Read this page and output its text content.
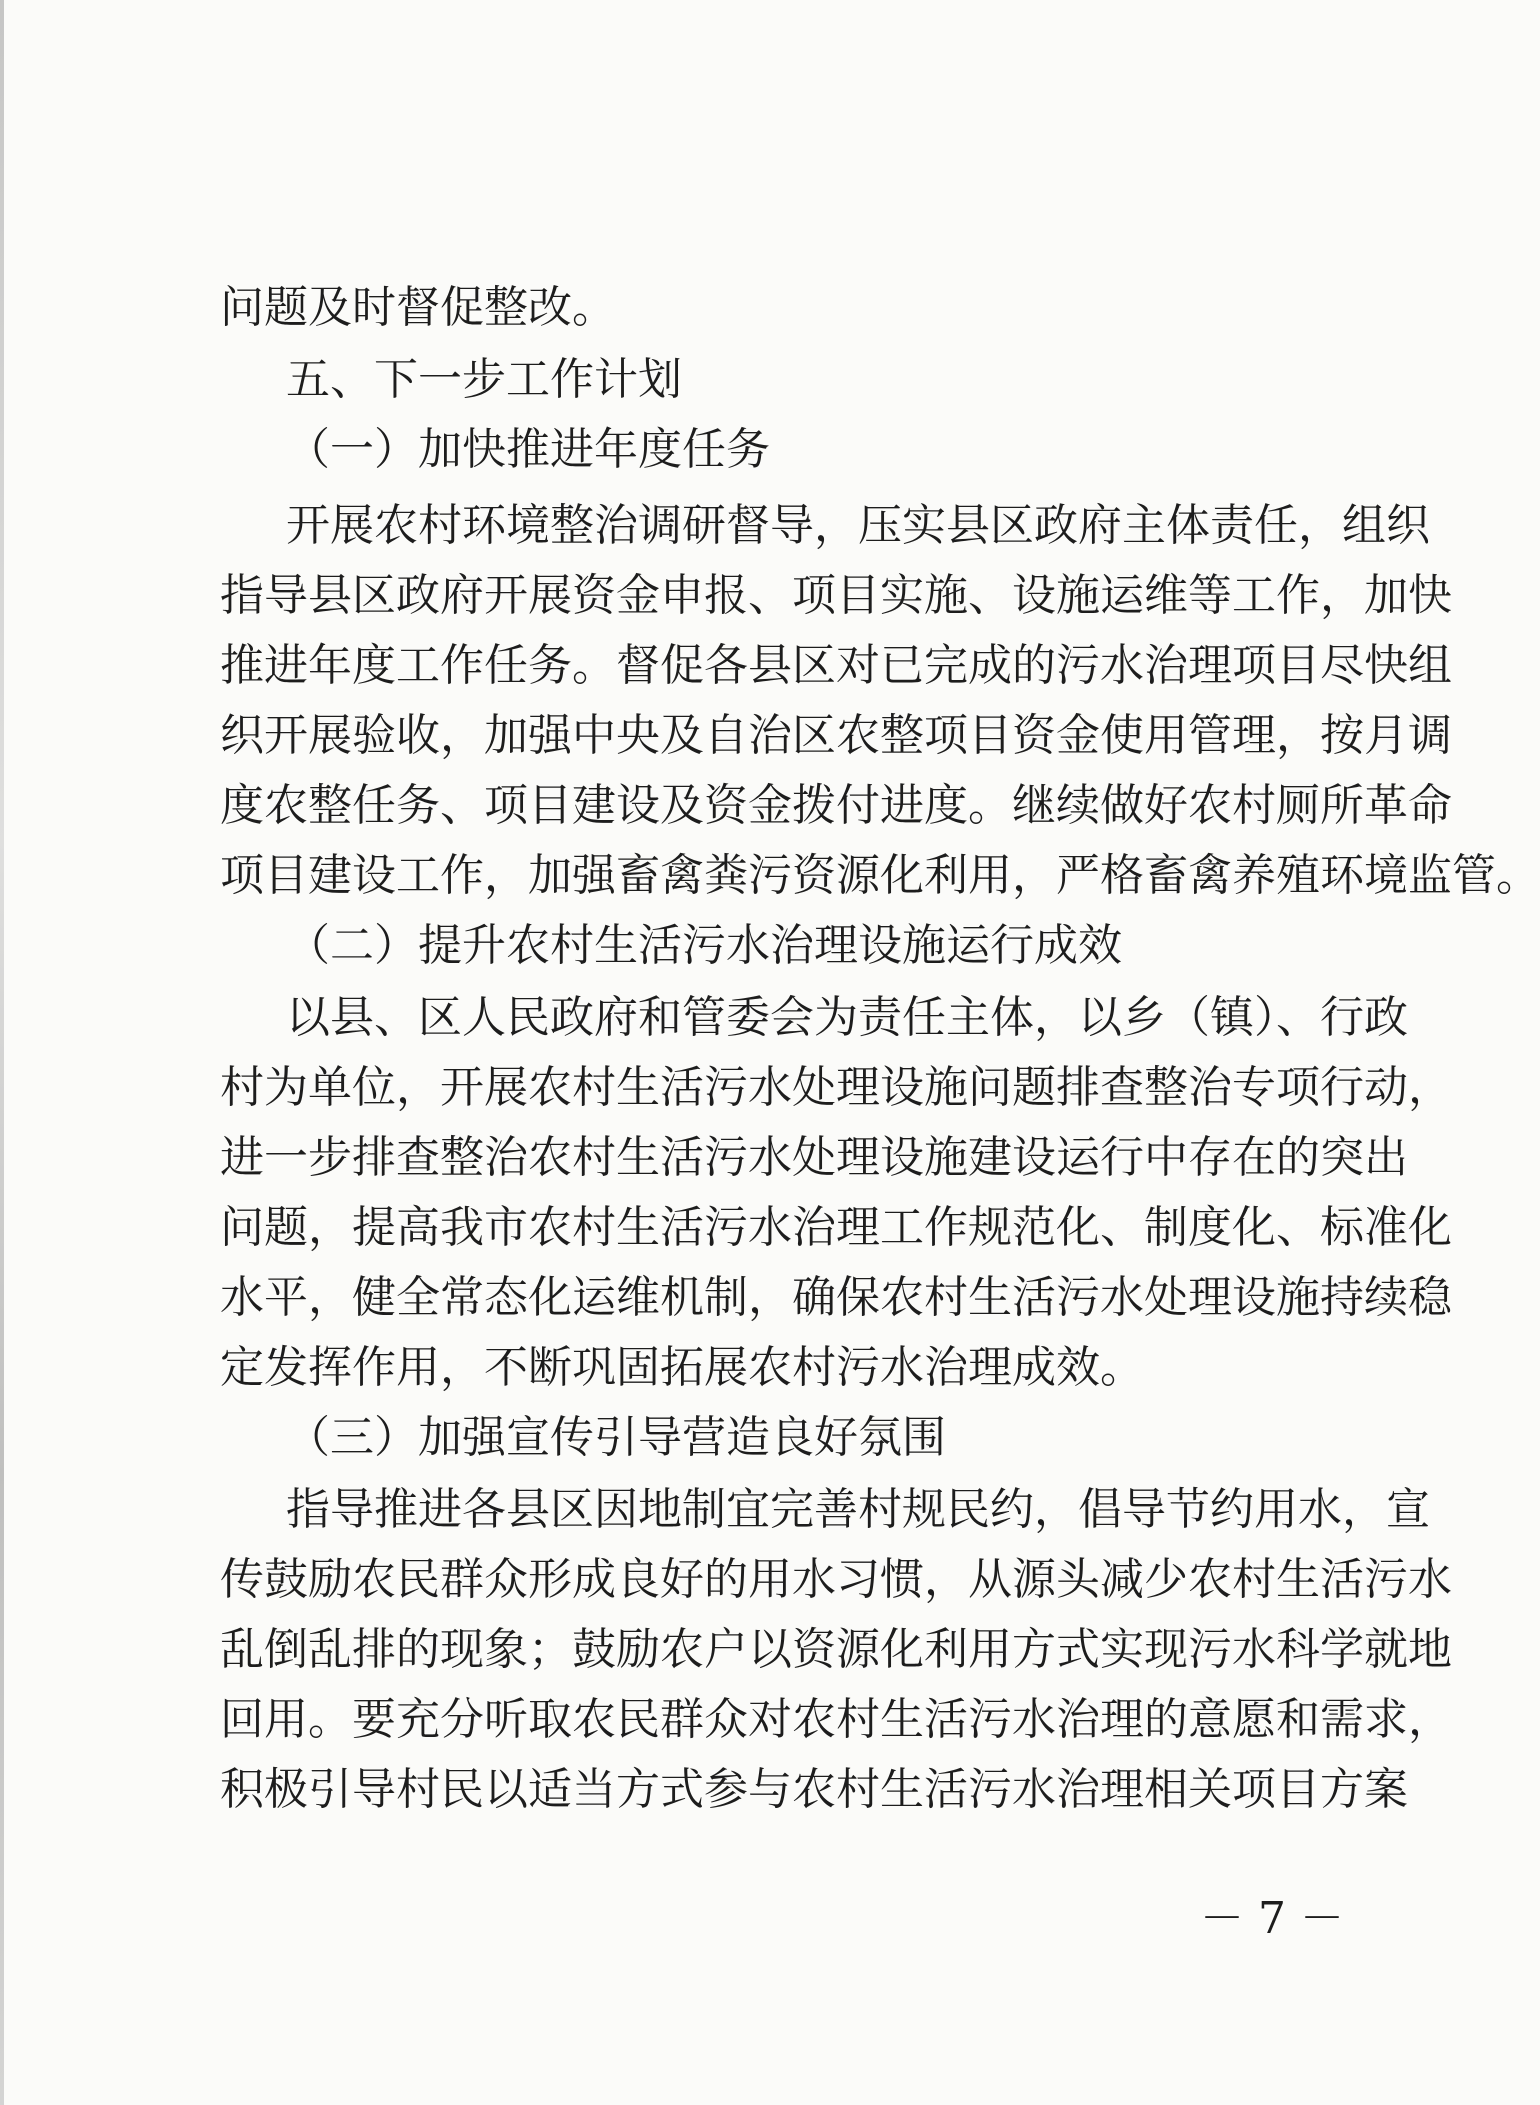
问题及时督促整改。
五、下一步工作计划
（一）加快推进年度任务
开展农村环境整治调研督导，压实县区政府主体责任，组织
指导县区政府开展资金申报、项目实施、设施运维等工作，加快
推进年度工作任务。督促各县区对已完成的污水治理项目尽快组
织开展验收，加强中央及自治区农整项目资金使用管理，按月调
度农整任务、项目建设及资金拨付进度。继续做好农村厕所革命
项目建设工作，加强畜禽粪污资源化利用，严格畜禽养殖环境监管。
（二）提升农村生活污水治理设施运行成效
以县、区人民政府和管委会为责任主体，以乡（镇）、行政
村为单位，开展农村生活污水处理设施问题排查整治专项行动，
进一步排查整治农村生活污水处理设施建设运行中存在的突出
问题，提高我市农村生活污水治理工作规范化、制度化、标准化
水平，健全常态化运维机制，确保农村生活污水处理设施持续稳
定发挥作用，不断巩固拓展农村污水治理成效。
（三）加强宣传引导营造良好氛围
指导推进各县区因地制宜完善村规民约，倡导节约用水，宣
传鼓励农民群众形成良好的用水习惯，从源头减少农村生活污水
乱倒乱排的现象；鼓励农户以资源化利用方式实现污水科学就地
回用。要充分听取农民群众对农村生活污水治理的意愿和需求，
积极引导村民以适当方式参与农村生活污水治理相关项目方案
－ 7 －
